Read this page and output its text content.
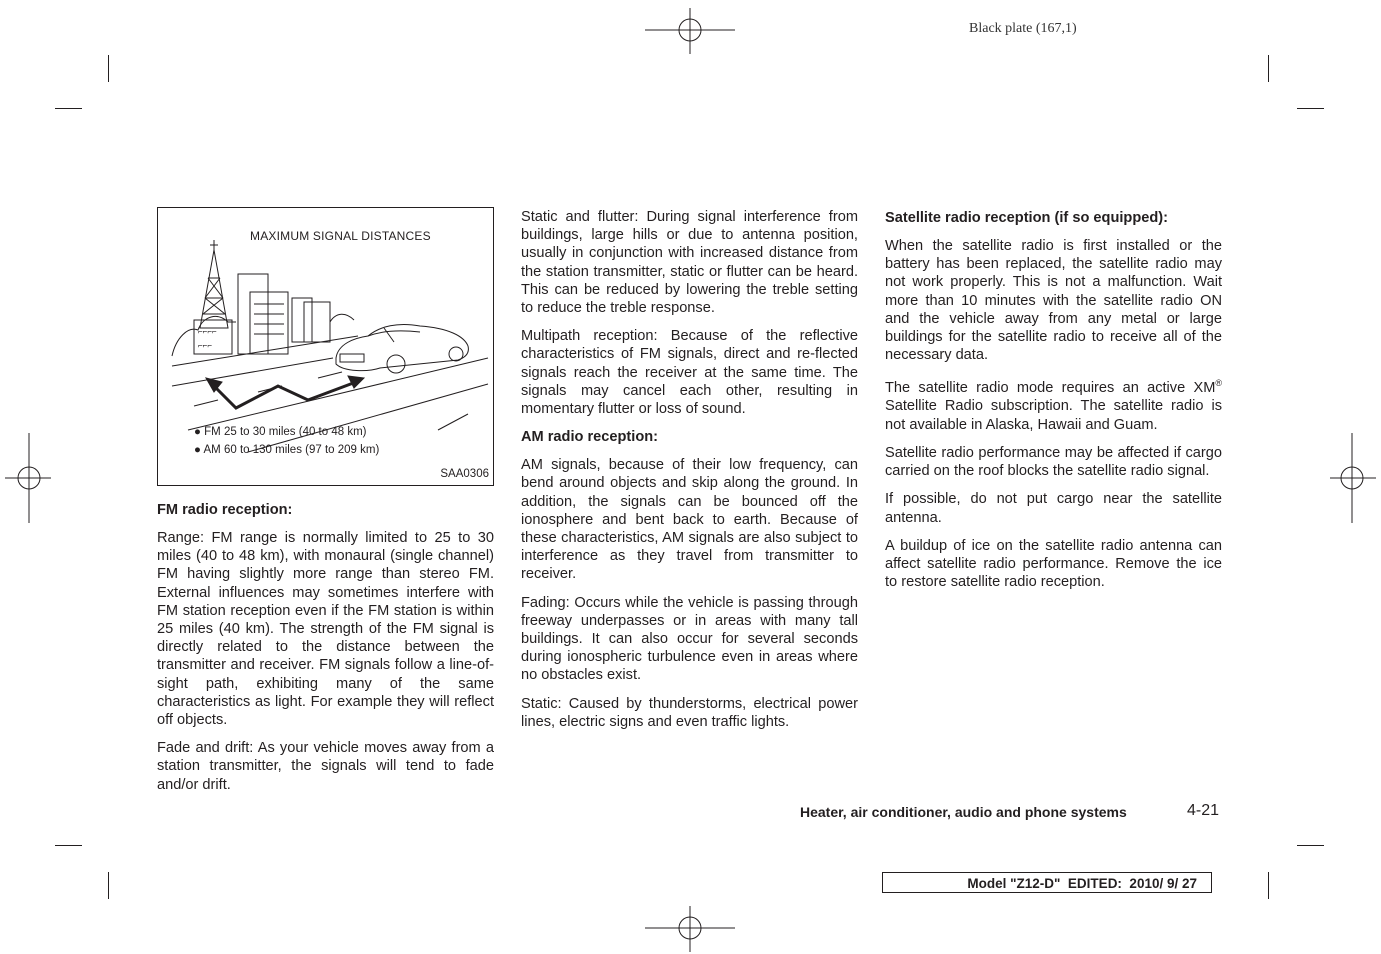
Black plate (167,1)
MAXIMUM SIGNAL DISTANCES
⌐⌐⌐⌐
⌐⌐⌐
● FM 25 to 30 miles (40 to 48 km)
● AM 60 to 130 miles (97 to 209 km)
SAA0306
FM radio reception:

Range: FM range is normally limited to 25 to 30 miles (40 to 48 km), with monaural (single channel) FM having slightly more range than stereo FM. External influences may sometimes interfere with FM station reception even if the FM station is within 25 miles (40 km). The strength of the FM signal is directly related to the distance between the transmitter and receiver. FM signals follow a line-of-sight path, exhibiting many of the same characteristics as light. For example they will reflect off objects.

Fade and drift: As your vehicle moves away from a station transmitter, the signals will tend to fade and/or drift.

Static and flutter: During signal interference from buildings, large hills or due to antenna position, usually in conjunction with increased distance from the station transmitter, static or flutter can be heard. This can be reduced by lowering the treble setting to reduce the treble response.

Multipath reception: Because of the reflective characteristics of FM signals, direct and re-flected signals reach the receiver at the same time. The signals may cancel each other, resulting in momentary flutter or loss of sound.

AM radio reception:

AM signals, because of their low frequency, can bend around objects and skip along the ground. In addition, the signals can be bounced off the ionosphere and bent back to earth. Because of these characteristics, AM signals are also subject to interference as they travel from transmitter to receiver.

Fading: Occurs while the vehicle is passing through freeway underpasses or in areas with many tall buildings. It can also occur for several seconds during ionospheric turbulence even in areas where no obstacles exist.

Static: Caused by thunderstorms, electrical power lines, electric signs and even traffic lights.

Satellite radio reception (if so equipped):

When the satellite radio is first installed or the battery has been replaced, the satellite radio may not work properly. This is not a malfunction. Wait more than 10 minutes with the satellite radio ON and the vehicle away from any metal or large buildings for the satellite radio to receive all of the necessary data.

The satellite radio mode requires an active XM® Satellite Radio subscription. The satellite radio is not available in Alaska, Hawaii and Guam.

Satellite radio performance may be affected if cargo carried on the roof blocks the satellite radio signal.

If possible, do not put cargo near the satellite antenna.

A buildup of ice on the satellite radio antenna can affect satellite radio performance. Remove the ice to restore satellite radio reception.

Heater, air conditioner, audio and phone systems	4-21
Model "Z12-D"  EDITED:  2010/ 9/ 27
